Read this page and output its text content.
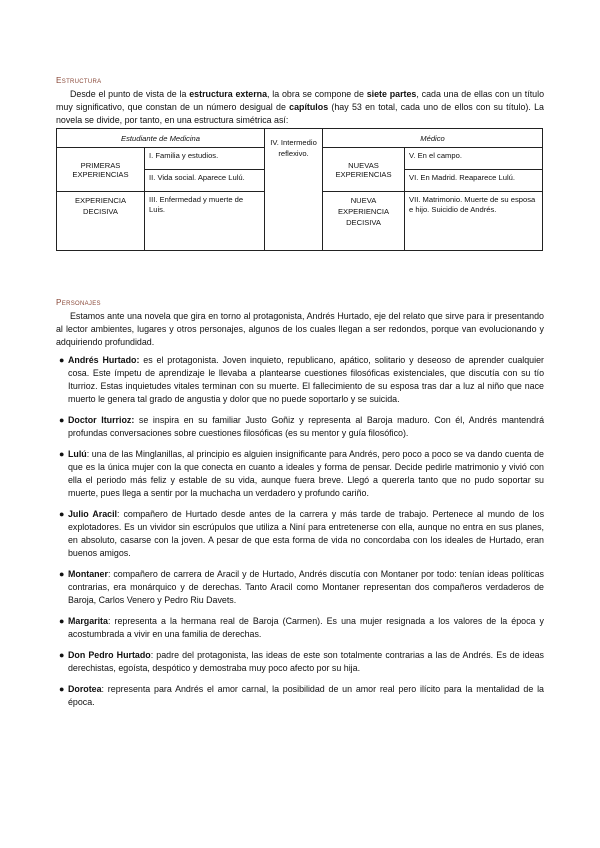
Estructura
Desde el punto de vista de la estructura externa, la obra se compone de siete partes, cada una de ellas con un título muy significativo, que constan de un número desigual de capítulos (hay 53 en total, cada uno de ellos con su título). La novela se divide, por tanto, en una estructura simétrica así:
Estudiante de Medicina		IV. Intermedio reflexivo.	Médico	
PRIMERAS EXPERIENCIAS	I. Familia y estudios.		NUEVAS EXPERIENCIAS	V. En el campo.
	II. Vida social. Aparece Lulú.			VI. En Madrid. Reaparece Lulú.
EXPERIENCIA DECISIVA	III. Enfermedad y muerte de Luis.		NUEVA EXPERIENCIA DECISIVA	VII. Matrimonio. Muerte de su esposa e hijo. Suicidio de Andrés.
Personajes
Estamos ante una novela que gira en torno al protagonista, Andrés Hurtado, eje del relato que sirve para ir presentando al lector ambientes, lugares y otros personajes, algunos de los cuales llegan a ser redondos, porque van evolucionando y adquiriendo profundidad.
● Andrés Hurtado: es el protagonista. Joven inquieto, republicano, apático, solitario y deseoso de aprender cualquier cosa. Este ímpetu de aprendizaje le llevaba a plantearse cuestiones filosóficas existenciales, que discutía con su tío Iturrioz. Estas inquietudes vitales terminan con su muerte. El fallecimiento de su esposa tras dar a luz al niño que nace muerto le genera tal grado de angustia y dolor que no puede soportarlo y se suicida.
● Doctor Iturrioz: se inspira en su familiar Justo Goñiz y representa al Baroja maduro. Con él, Andrés mantendrá profundas conversaciones sobre cuestiones filosóficas (es su mentor y guía filosófico).
● Lulú: una de las Minglanillas, al principio es alguien insignificante para Andrés, pero poco a poco se va dando cuenta de que es la única mujer con la que conecta en cuanto a ideales y forma de pensar. Decide pedirle matrimonio y vivió con ella el periodo más feliz y estable de su vida, aunque fuera breve. Llegó a quererla tanto que no pudo soportar su muerte, pues llega a sentir por la muchacha un verdadero y profundo cariño.
● Julio Aracil: compañero de Hurtado desde antes de la carrera y más tarde de trabajo. Pertenece al mundo de los explotadores. Es un vividor sin escrúpulos que utiliza a Niní para entretenerse con ella, aunque no entra en sus planes, en absoluto, casarse con la joven. A pesar de que esta forma de vida no concordaba con los ideales de Hurtado, eran buenos amigos.
● Montaner: compañero de carrera de Aracil y de Hurtado, Andrés discutía con Montaner por todo: tenían ideas políticas contrarias, era monárquico y de derechas. Tanto Aracil como Montaner representan dos compañeros verdaderos de Baroja, Carlos Venero y Pedro Riu Davets.
● Margarita: representa a la hermana real de Baroja (Carmen). Es una mujer resignada a los valores de la época y acostumbrada a vivir en una familia de derechas.
● Don Pedro Hurtado: padre del protagonista, las ideas de este son totalmente contrarias a las de Andrés. Es de ideas derechistas, egoísta, despótico y demostraba muy poco afecto por su hija.
● Dorotea: representa para Andrés el amor carnal, la posibilidad de un amor real pero ilícito para la mentalidad de la época.
